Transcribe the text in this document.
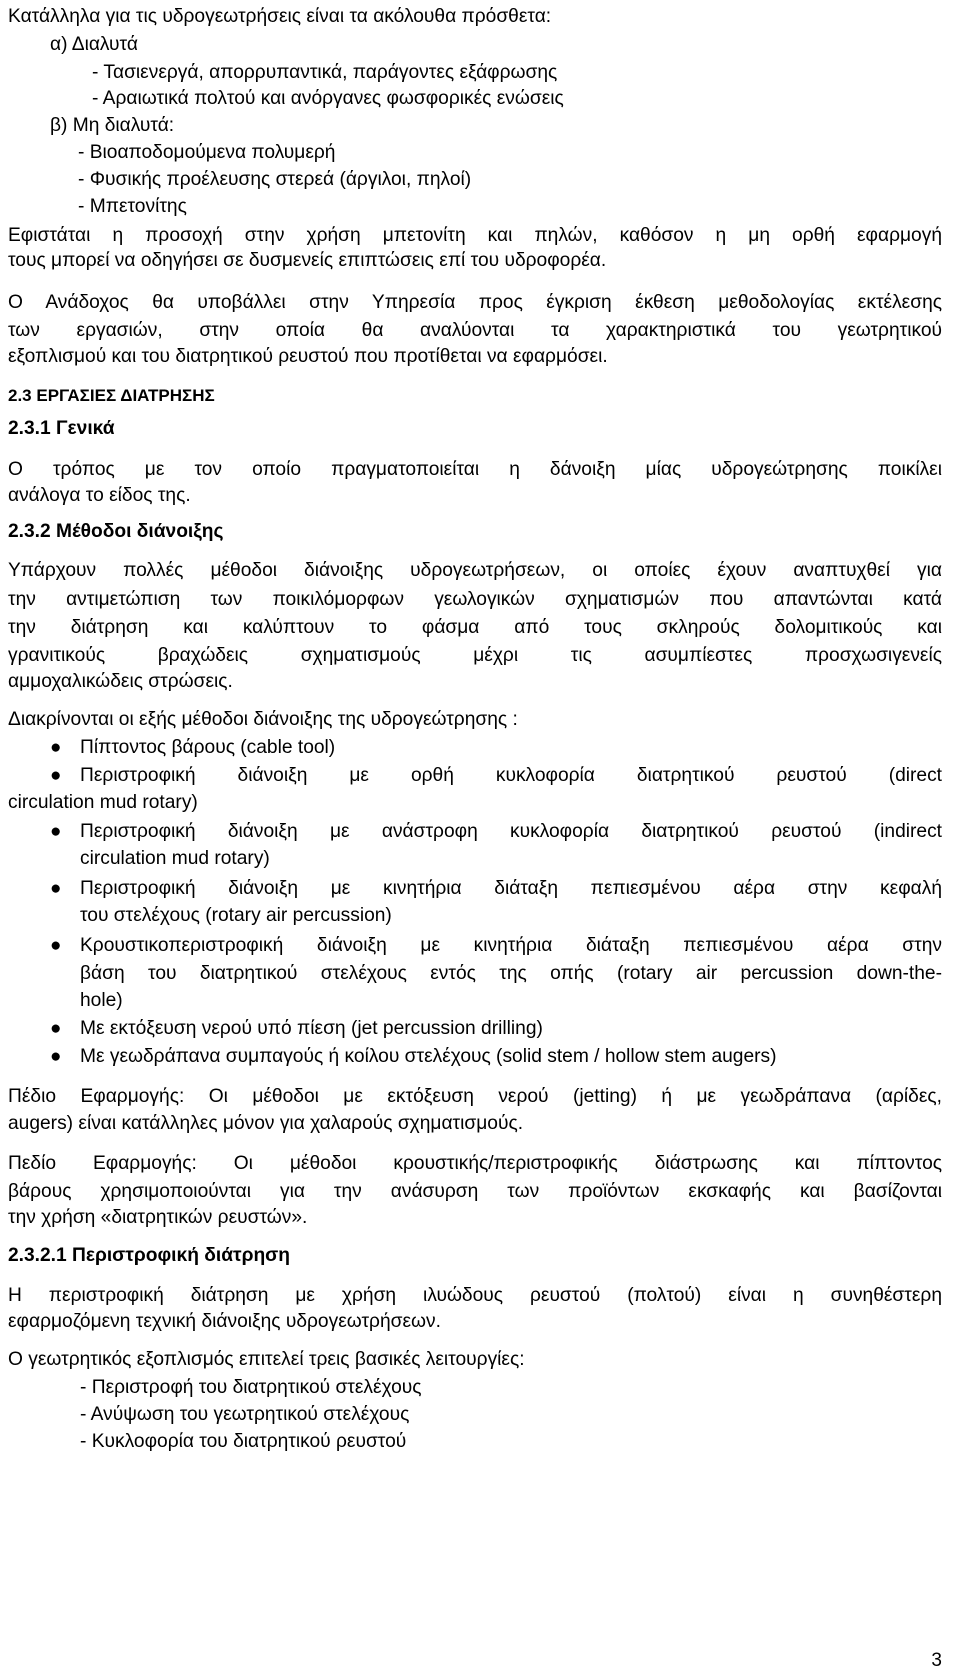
Κατάλληλα για τις υδρογεωτρήσεις είναι τα ακόλουθα πρόσθετα:
α) Διαλυτά
- Τασιενεργά, απορρυπαντικά, παράγοντες εξάφρωσης
- Αραιωτικά πολτού και ανόργανες φωσφορικές ενώσεις
β) Μη διαλυτά:
- Βιοαποδομούμενα πολυμερή
- Φυσικής προέλευσης στερεά (άργιλοι, πηλοί)
- Μπετονίτης
Εφιστάται η προσοχή στην χρήση μπετονίτη και πηλών, καθόσον η μη ορθή εφαρμογή
τους μπορεί να οδηγήσει σε δυσμενείς επιπτώσεις επί του υδροφορέα.
Ο Ανάδοχος θα υποβάλλει στην Υπηρεσία προς έγκριση έκθεση μεθοδολογίας εκτέλεσης
των εργασιών, στην οποία θα αναλύονται τα χαρακτηριστικά του γεωτρητικού
εξοπλισμού και του διατρητικού ρευστού που προτίθεται να εφαρμόσει.
2.3 ΕΡΓΑΣΙΕΣ ΔΙΑΤΡΗΣΗΣ
2.3.1 Γενικά
Ο τρόπος με τον οποίο πραγματοποιείται η δάνοιξη μίας υδρογεώτρησης ποικίλει
ανάλογα το είδος της.
2.3.2 Μέθοδοι διάνοιξης
Υπάρχουν πολλές μέθοδοι διάνοιξης υδρογεωτρήσεων, οι οποίες έχουν αναπτυχθεί για
την αντιμετώπιση των ποικιλόμορφων γεωλογικών σχηματισμών που απαντώνται κατά
την διάτρηση και καλύπτουν το φάσμα από τους σκληρούς δολομιτικούς και
γρανιτικούς βραχώδεις σχηματισμούς μέχρι τις ασυμπίεστες προσχωσιγενείς
αμμοχαλικώδεις στρώσεις.
Διακρίνονται οι εξής μέθοδοι διάνοιξης της υδρογεώτρησης :
● Πίπτοντος βάρους (cable tool)
● Περιστροφική διάνοιξη με ορθή κυκλοφορία διατρητικού ρευστού (direct
circulation mud rotary)
● Περιστροφική διάνοιξη με ανάστροφη κυκλοφορία διατρητικού ρευστού (indirect
circulation mud rotary)
● Περιστροφική διάνοιξη με κινητήρια διάταξη πεπιεσμένου αέρα στην κεφαλή
του στελέχους (rotary air percussion)
● Κρουστικοπεριστροφική διάνοιξη με κινητήρια διάταξη πεπιεσμένου αέρα στην
βάση του διατρητικού στελέχους εντός της οπής (rotary air percussion down-the-
hole)
● Με εκτόξευση νερού υπό πίεση (jet percussion drilling)
● Με γεωδράπανα συμπαγούς ή κοίλου στελέχους (solid stem / hollow stem augers)
Πέδιο Εφαρμογής: Οι μέθοδοι με εκτόξευση νερού (jetting) ή με γεωδράπανα (αρίδες,
augers) είναι κατάλληλες μόνον για χαλαρούς σχηματισμούς.
Πεδίο Εφαρμογής: Οι μέθοδοι κρουστικής/περιστροφικής διάστρωσης και πίπτοντος
βάρους χρησιμοποιούνται για την ανάσυρση των προϊόντων εκσκαφής και βασίζονται
την χρήση «διατρητικών ρευστών».
2.3.2.1 Περιστροφική διάτρηση
Η περιστροφική διάτρηση με χρήση ιλυώδους ρευστού (πολτού) είναι η συνηθέστερη
εφαρμοζόμενη τεχνική διάνοιξης υδρογεωτρήσεων.
Ο γεωτρητικός εξοπλισμός επιτελεί τρεις βασικές λειτουργίες:
- Περιστροφή του διατρητικού στελέχους
- Ανύψωση του γεωτρητικού στελέχους
- Κυκλοφορία του διατρητικού ρευστού
3
